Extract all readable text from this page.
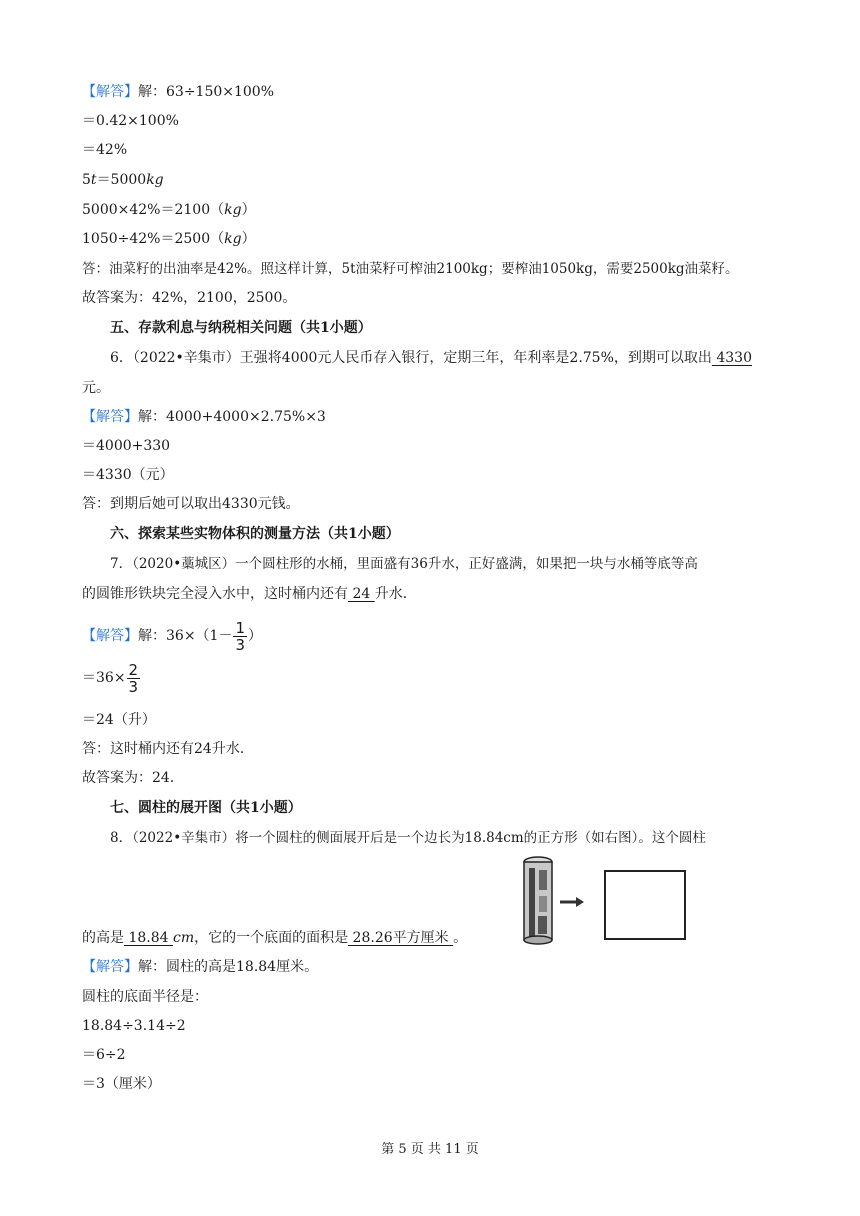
【解答】解：63÷150×100%
＝0.42×100%
＝42%
5t＝5000kg
5000×42%＝2100（kg）
1050÷42%＝2500（kg）
答：油菜籽的出油率是42%。照这样计算，5t油菜籽可榨油2100kg；要榨油1050kg，需要2500kg油菜籽。
故答案为：42%，2100，2500。
五、存款利息与纳税相关问题（共1小题）
6．（2022•辛集市）王强将4000元人民币存入银行，定期三年，年利率是2.75%，到期可以取出 4330
元。
【解答】解：4000+4000×2.75%×3
＝4000+330
＝4330（元）
答：到期后她可以取出4330元钱。
六、探索某些实物体积的测量方法（共1小题）
7．（2020•藁城区）一个圆柱形的水桶，里面盛有36升水，正好盛满，如果把一块与水桶等底等高
的圆锥形铁块完全浸入水中，这时桶内还有 24 升水．
【解答】解：$36\times(1- \frac{1}{3}$ ）
$=36\times \frac{2}{3}$
＝24（升）
答：这时桶内还有24升水．
故答案为：24．
七、圆柱的展开图（共1小题）
8．（2022•辛集市）将一个圆柱的侧面展开后是一个边长为18.84cm的正方形（如右图）。这个圆柱
的高是 18.84 cm，它的一个底面的面积是 28.26平方厘米 。
【解答】解：圆柱的高是18.84厘米。
圆柱的底面半径是：
18.84÷3.14÷2
＝6÷2
＝3（厘米）
第 5 页 共 11 页
